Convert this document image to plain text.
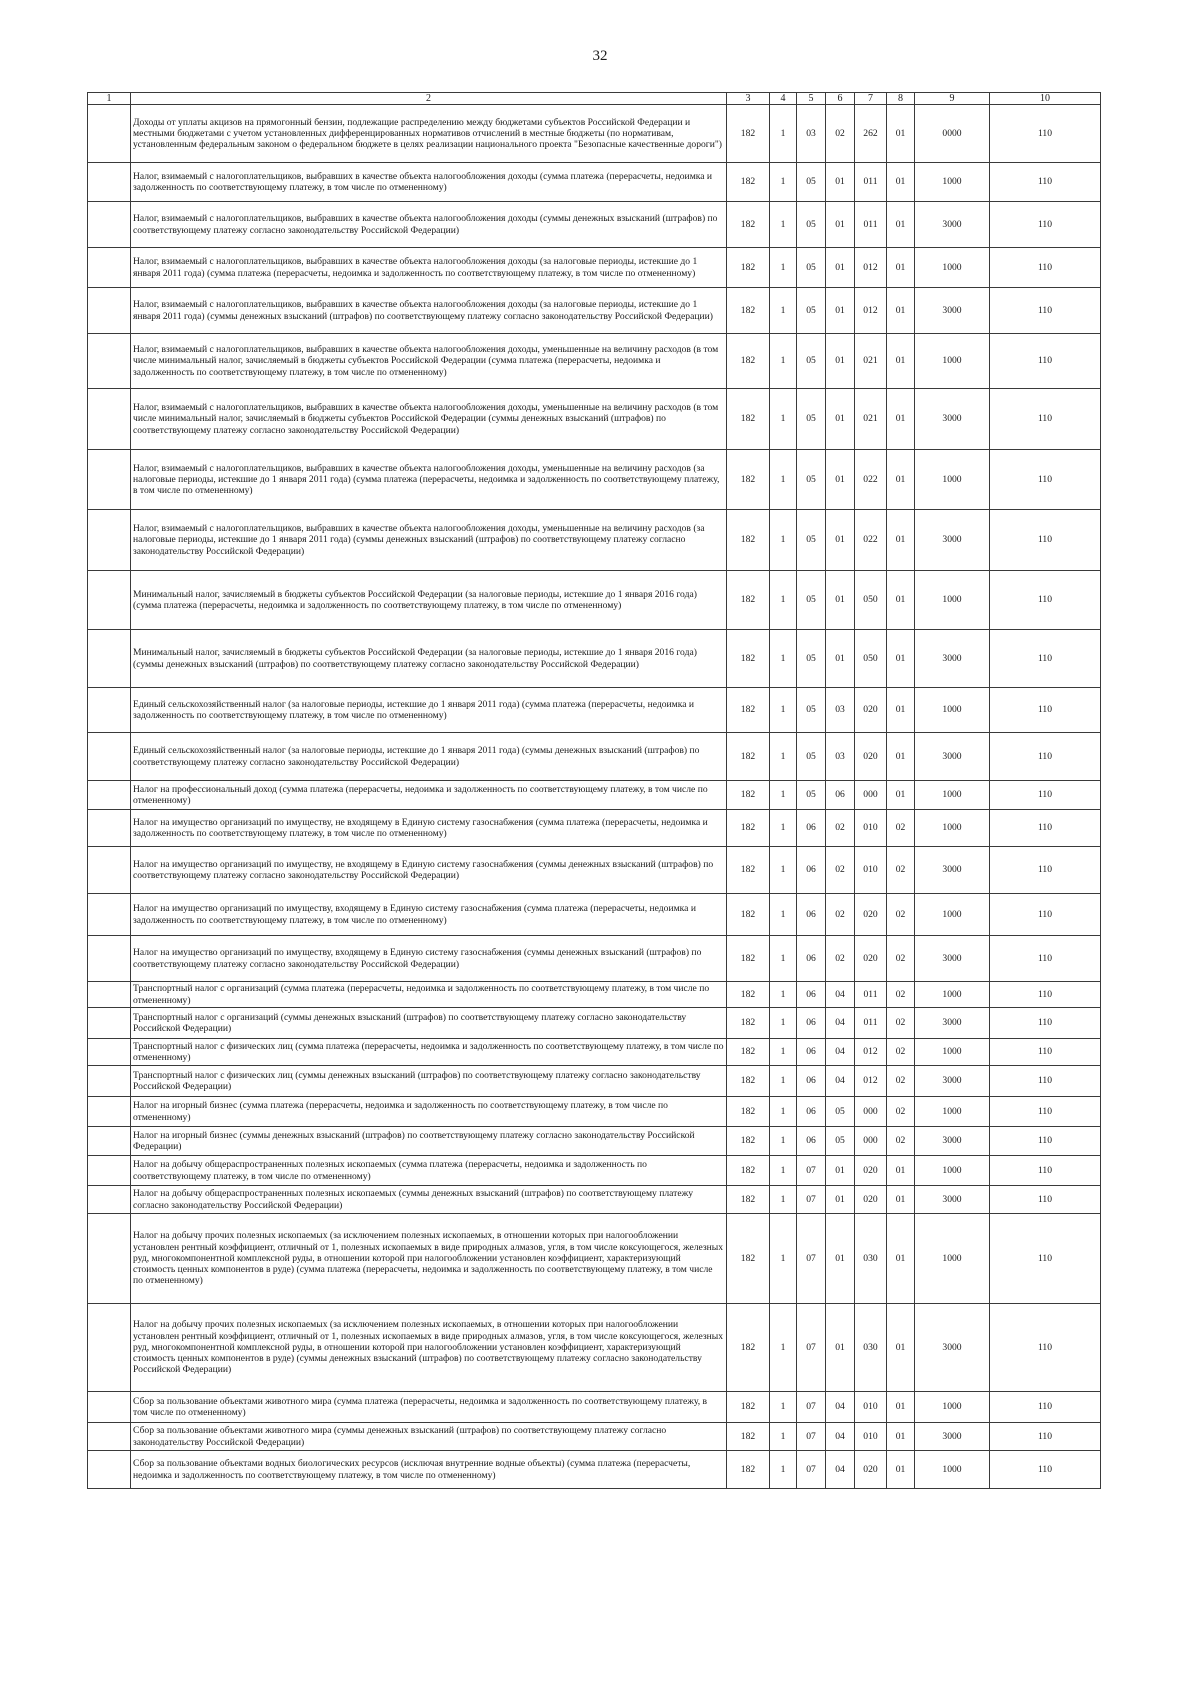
32
1	2	3	4	5	6	7	8	9	10
	Доходы от уплаты акцизов на прямогонный бензин, подлежащие распределению между бюджетами субъектов Российской Федерации и местными бюджетами с учетом установленных дифференцированных нормативов отчислений в местные бюджеты (по нормативам, установленным федеральным законом о федеральном бюджете в целях реализации национального проекта "Безопасные качественные дороги")	182	1	03	02	262	01	0000	110
	Налог, взимаемый с налогоплательщиков, выбравших в качестве объекта налогообложения доходы (сумма платежа (перерасчеты, недоимка и задолженность по соответствующему платежу, в том числе по отмененному)	182	1	05	01	011	01	1000	110
	Налог, взимаемый с налогоплательщиков, выбравших в качестве объекта налогообложения доходы (суммы денежных взысканий (штрафов) по соответствующему платежу согласно законодательству Российской Федерации)	182	1	05	01	011	01	3000	110
	Налог, взимаемый с налогоплательщиков, выбравших в качестве объекта налогообложения доходы (за налоговые периоды, истекшие до 1 января 2011 года) (сумма платежа (перерасчеты, недоимка и задолженность по соответствующему платежу, в том числе по отмененному)	182	1	05	01	012	01	1000	110
	Налог, взимаемый с налогоплательщиков, выбравших в качестве объекта налогообложения доходы (за налоговые периоды, истекшие до 1 января 2011 года) (суммы денежных взысканий (штрафов) по соответствующему платежу согласно законодательству Российской Федерации)	182	1	05	01	012	01	3000	110
	Налог, взимаемый с налогоплательщиков, выбравших в качестве объекта налогообложения доходы, уменьшенные на величину расходов (в том числе минимальный налог, зачисляемый в бюджеты субъектов Российской Федерации (сумма платежа (перерасчеты, недоимка и задолженность по соответствующему платежу, в том числе по отмененному)	182	1	05	01	021	01	1000	110
	Налог, взимаемый с налогоплательщиков, выбравших в качестве объекта налогообложения доходы, уменьшенные на величину расходов (в том числе минимальный налог, зачисляемый в бюджеты субъектов Российской Федерации (суммы денежных взысканий (штрафов) по соответствующему платежу согласно законодательству Российской Федерации)	182	1	05	01	021	01	3000	110
	Налог, взимаемый с налогоплательщиков, выбравших в качестве объекта налогообложения доходы, уменьшенные на величину расходов (за налоговые периоды, истекшие до 1 января 2011 года) (сумма платежа (перерасчеты, недоимка и задолженность по соответствующему платежу, в том числе по отмененному)	182	1	05	01	022	01	1000	110
	Налог, взимаемый с налогоплательщиков, выбравших в качестве объекта налогообложения доходы, уменьшенные на величину расходов (за налоговые периоды, истекшие до 1 января 2011 года) (суммы денежных взысканий (штрафов) по соответствующему платежу согласно законодательству Российской Федерации)	182	1	05	01	022	01	3000	110
	Минимальный налог, зачисляемый в бюджеты субъектов Российской Федерации (за налоговые периоды, истекшие до 1 января 2016 года) (сумма платежа (перерасчеты, недоимка и задолженность по соответствующему платежу, в том числе по отмененному)	182	1	05	01	050	01	1000	110
	Минимальный налог, зачисляемый в бюджеты субъектов Российской Федерации (за налоговые периоды, истекшие до 1 января 2016 года) (суммы денежных взысканий (штрафов) по соответствующему платежу согласно законодательству Российской Федерации)	182	1	05	01	050	01	3000	110
	Единый сельскохозяйственный налог (за налоговые периоды, истекшие до 1 января 2011 года) (сумма платежа (перерасчеты, недоимка и задолженность по соответствующему платежу, в том числе по отмененному)	182	1	05	03	020	01	1000	110
	Единый сельскохозяйственный налог (за налоговые периоды, истекшие до 1 января 2011 года) (суммы денежных взысканий (штрафов) по соответствующему платежу согласно законодательству Российской Федерации)	182	1	05	03	020	01	3000	110
	Налог на профессиональный доход (сумма платежа (перерасчеты, недоимка и задолженность по соответствующему платежу, в том числе по отмененному)	182	1	05	06	000	01	1000	110
	Налог на имущество организаций по имуществу, не входящему в Единую систему газоснабжения (сумма платежа (перерасчеты, недоимка и задолженность по соответствующему платежу, в том числе по отмененному)	182	1	06	02	010	02	1000	110
	Налог на имущество организаций по имуществу, не входящему в Единую систему газоснабжения (суммы денежных взысканий (штрафов) по соответствующему платежу согласно законодательству Российской Федерации)	182	1	06	02	010	02	3000	110
	Налог на имущество организаций по имуществу, входящему в Единую систему газоснабжения (сумма платежа (перерасчеты, недоимка и задолженность по соответствующему платежу, в том числе по отмененному)	182	1	06	02	020	02	1000	110
	Налог на имущество организаций по имуществу, входящему в Единую систему газоснабжения (суммы денежных взысканий (штрафов) по соответствующему платежу согласно законодательству Российской Федерации)	182	1	06	02	020	02	3000	110
	Транспортный налог с организаций (сумма платежа (перерасчеты, недоимка и задолженность по соответствующему платежу, в том числе по отмененному)	182	1	06	04	011	02	1000	110
	Транспортный налог с организаций (суммы денежных взысканий (штрафов) по соответствующему платежу согласно законодательству Российской Федерации)	182	1	06	04	011	02	3000	110
	Транспортный налог с физических лиц (сумма платежа (перерасчеты, недоимка и задолженность по соответствующему платежу, в том числе по отмененному)	182	1	06	04	012	02	1000	110
	Транспортный налог с физических лиц (суммы денежных взысканий (штрафов) по соответствующему платежу согласно законодательству Российской Федерации)	182	1	06	04	012	02	3000	110
	Налог на игорный бизнес (сумма платежа (перерасчеты, недоимка и задолженность по соответствующему платежу, в том числе по отмененному)	182	1	06	05	000	02	1000	110
	Налог на игорный бизнес (суммы денежных взысканий (штрафов) по соответствующему платежу согласно законодательству Российской Федерации)	182	1	06	05	000	02	3000	110
	Налог на добычу общераспространенных полезных ископаемых (сумма платежа (перерасчеты, недоимка и задолженность по соответствующему платежу, в том числе по отмененному)	182	1	07	01	020	01	1000	110
	Налог на добычу общераспространенных полезных ископаемых (суммы денежных взысканий (штрафов) по соответствующему платежу согласно законодательству Российской Федерации)	182	1	07	01	020	01	3000	110
	Налог на добычу прочих полезных ископаемых (за исключением полезных ископаемых, в отношении которых при налогообложении установлен рентный коэффициент, отличный от 1, полезных ископаемых в виде природных алмазов, угля, в том числе коксующегося, железных руд, многокомпонентной комплексной руды, в отношении которой при налогообложении установлен коэффициент, характеризующий стоимость ценных компонентов в руде) (сумма платежа (перерасчеты, недоимка и задолженность по соответствующему платежу, в том числе по отмененному)	182	1	07	01	030	01	1000	110
	Налог на добычу прочих полезных ископаемых (за исключением полезных ископаемых, в отношении которых при налогообложении установлен рентный коэффициент, отличный от 1, полезных ископаемых в виде природных алмазов, угля, в том числе коксующегося, железных руд, многокомпонентной комплексной руды, в отношении которой при налогообложении установлен коэффициент, характеризующий стоимость ценных компонентов в руде) (суммы денежных взысканий (штрафов) по соответствующему платежу согласно законодательству Российской Федерации)	182	1	07	01	030	01	3000	110
	Сбор за пользование объектами животного мира (сумма платежа (перерасчеты, недоимка и задолженность по соответствующему платежу, в том числе по отмененному)	182	1	07	04	010	01	1000	110
	Сбор за пользование объектами животного мира (суммы денежных взысканий (штрафов) по соответствующему платежу согласно законодательству Российской Федерации)	182	1	07	04	010	01	3000	110
	Сбор за пользование объектами водных биологических ресурсов (исключая внутренние водные объекты) (сумма платежа (перерасчеты, недоимка и задолженность по соответствующему платежу, в том числе по отмененному)	182	1	07	04	020	01	1000	110
